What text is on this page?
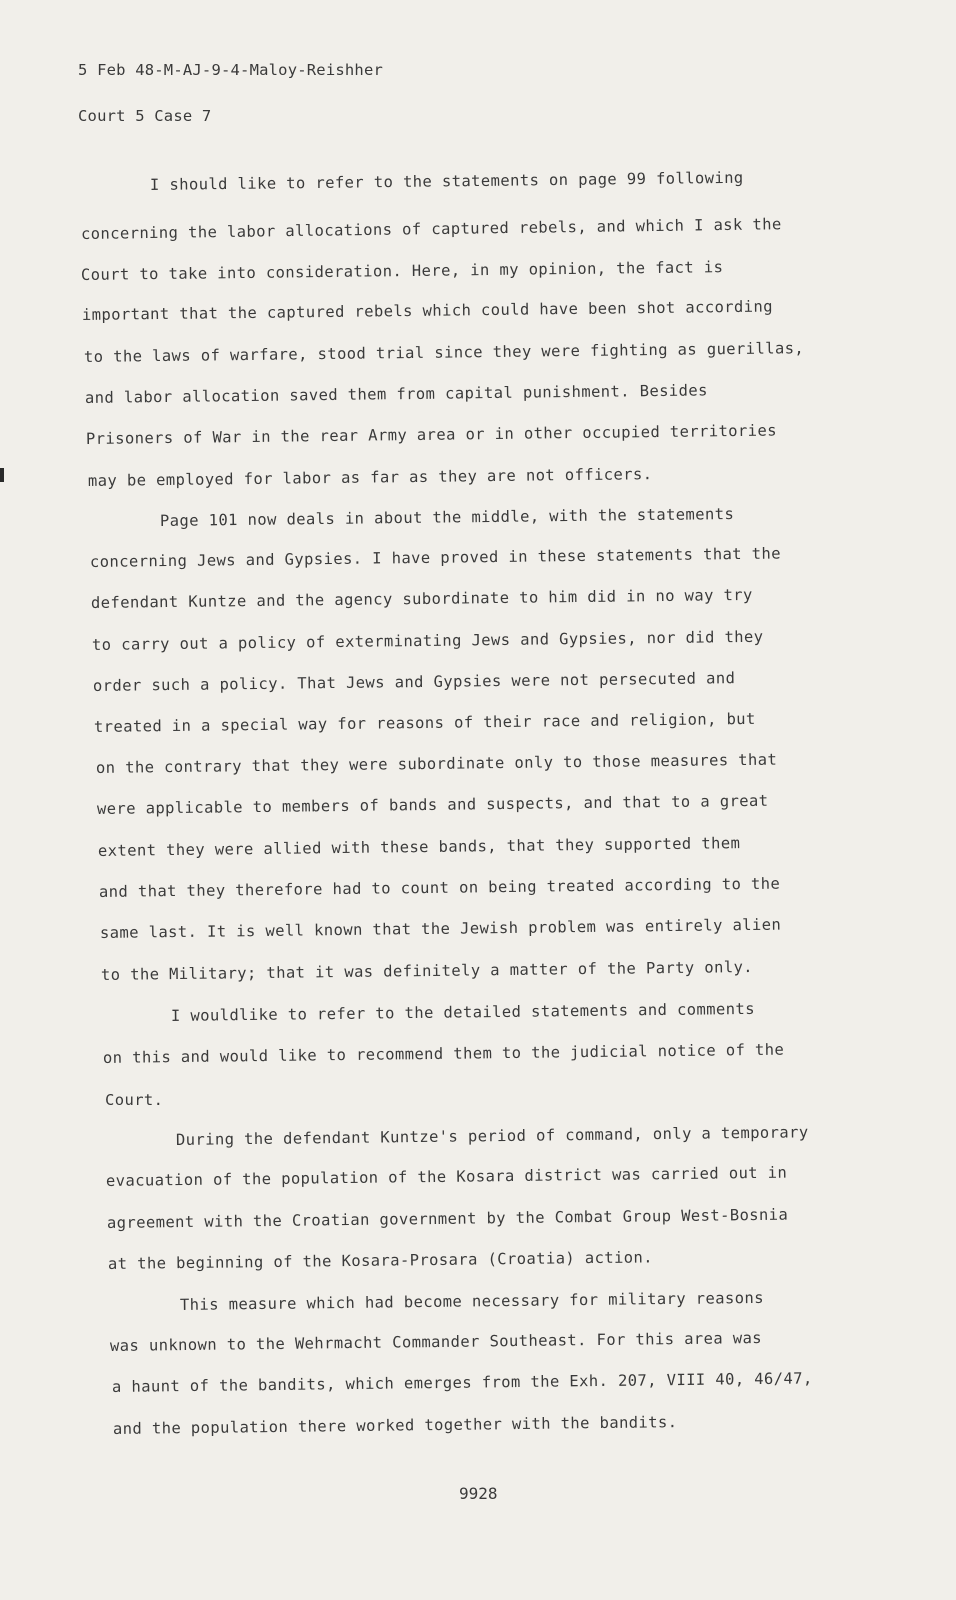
5 Feb 48-M-AJ-9-4-Maloy-Reishher
Court 5 Case 7
I should like to refer to the statements on page 99 following
concerning the labor allocations of captured rebels, and which I ask the
Court to take into consideration. Here, in my opinion, the fact is
important that the captured rebels which could have been shot according
to the laws of warfare, stood trial since they were fighting as guerillas,
and labor allocation saved them from capital punishment. Besides
Prisoners of War in the rear Army area or in other occupied territories
may be employed for labor as far as they are not officers.
Page 101 now deals in about the middle, with the statements
concerning Jews and Gypsies. I have proved in these statements that the
defendant Kuntze and the agency subordinate to him did in no way try
to carry out a policy of exterminating Jews and Gypsies, nor did they
order such a policy. That Jews and Gypsies were not persecuted and
treated in a special way for reasons of their race and religion, but
on the contrary that they were subordinate only to those measures that
were applicable to members of bands and suspects, and that to a great
extent they were allied with these bands, that they supported them
and that they therefore had to count on being treated according to the
same last. It is well known that the Jewish problem was entirely alien
to the Military; that it was definitely a matter of the Party only.
I wouldlike to refer to the detailed statements and comments
on this and would like to recommend them to the judicial notice of the
Court.
During the defendant Kuntze's period of command, only a temporary
evacuation of the population of the Kosara district was carried out in
agreement with the Croatian government by the Combat Group West-Bosnia
at the beginning of the Kosara-Prosara (Croatia) action.
This measure which had become necessary for military reasons
was unknown to the Wehrmacht Commander Southeast. For this area was
a haunt of the bandits, which emerges from the Exh. 207, VIII 40, 46/47,
and the population there worked together with the bandits.
9928
